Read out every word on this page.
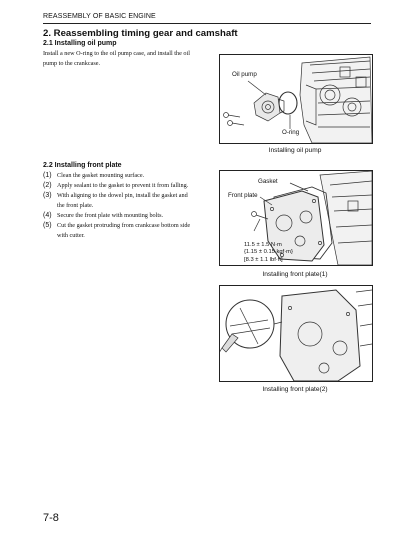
REASSEMBLY OF BASIC ENGINE
2. Reassembling timing gear and camshaft
2.1 Installing oil pump
Install a new O-ring to the oil pump case, and install the oil
pump to the crankcase.
Oil pump
O-ring
Installing oil pump
2.2 Installing front plate
(1) Clean the gasket mounting surface.
(2) Apply sealant to the gasket to prevent it from falling.
(3) With aligning to the dowel pin, install the gasket and
the front plate.
(4) Secure the front plate with mounting bolts.
(5) Cut the gasket protruding from crankcase bottom side
with cutter.
Gasket
Front plate
11.5 ± 1.5 N·m
{1.15 ± 0.15 kgf·m}
[8.3 ± 1.1 lbf·ft]
Installing front plate(1)
Installing front plate(2)
7-8
